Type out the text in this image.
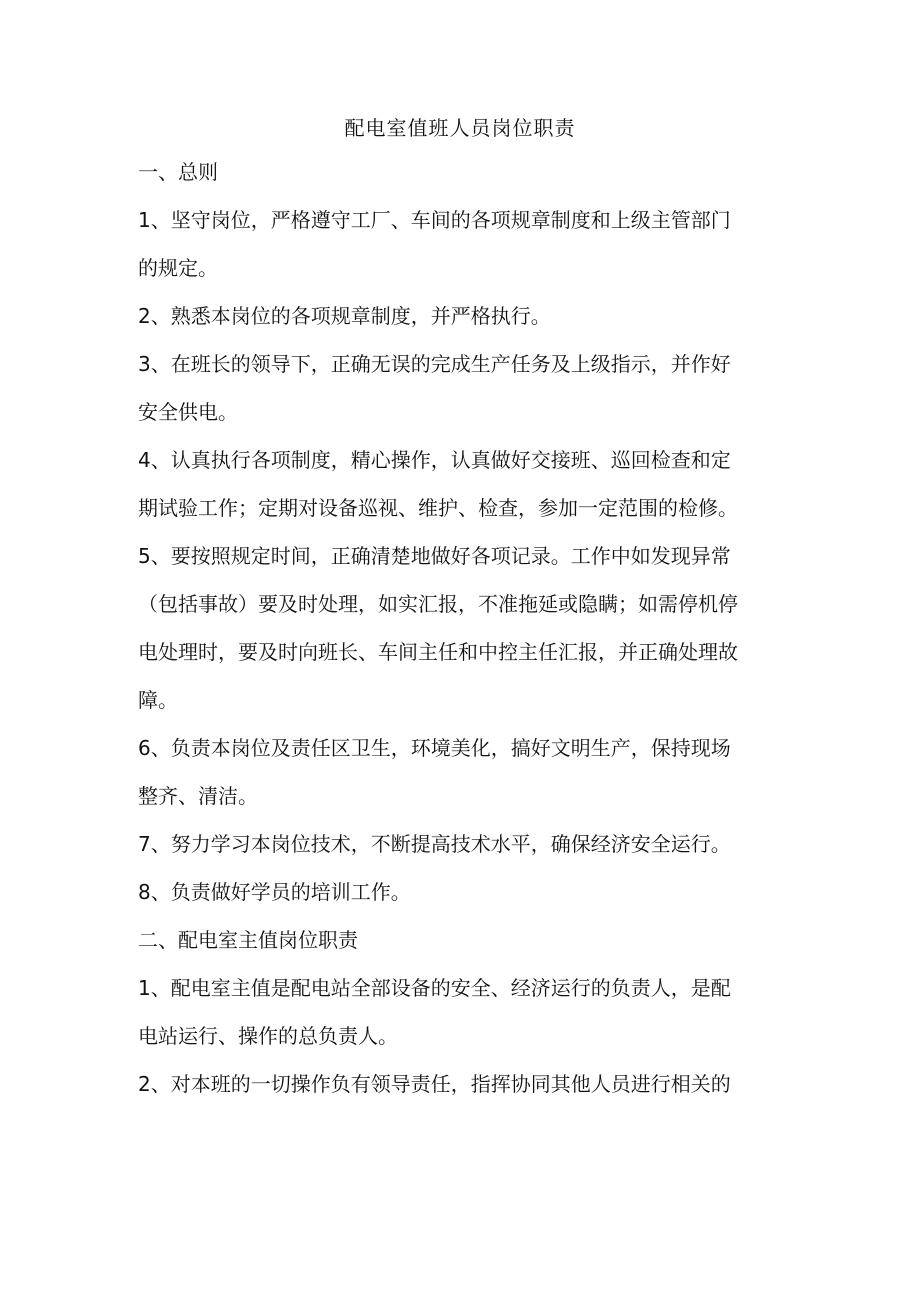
配电室值班人员岗位职责
一、总则
1、坚守岗位，严格遵守工厂、车间的各项规章制度和上级主管部门
的规定。
2、熟悉本岗位的各项规章制度，并严格执行。
3、在班长的领导下，正确无误的完成生产任务及上级指示，并作好
安全供电。
4、认真执行各项制度，精心操作，认真做好交接班、巡回检查和定
期试验工作；定期对设备巡视、维护、检查，参加一定范围的检修。
5、要按照规定时间，正确清楚地做好各项记录。工作中如发现异常
（包括事故）要及时处理，如实汇报，不准拖延或隐瞒；如需停机停
电处理时，要及时向班长、车间主任和中控主任汇报，并正确处理故
障。
6、负责本岗位及责任区卫生，环境美化，搞好文明生产，保持现场
整齐、清洁。
7、努力学习本岗位技术，不断提高技术水平，确保经济安全运行。
8、负责做好学员的培训工作。
二、配电室主值岗位职责
1、配电室主值是配电站全部设备的安全、经济运行的负责人，是配
电站运行、操作的总负责人。
2、对本班的一切操作负有领导责任，指挥协同其他人员进行相关的
